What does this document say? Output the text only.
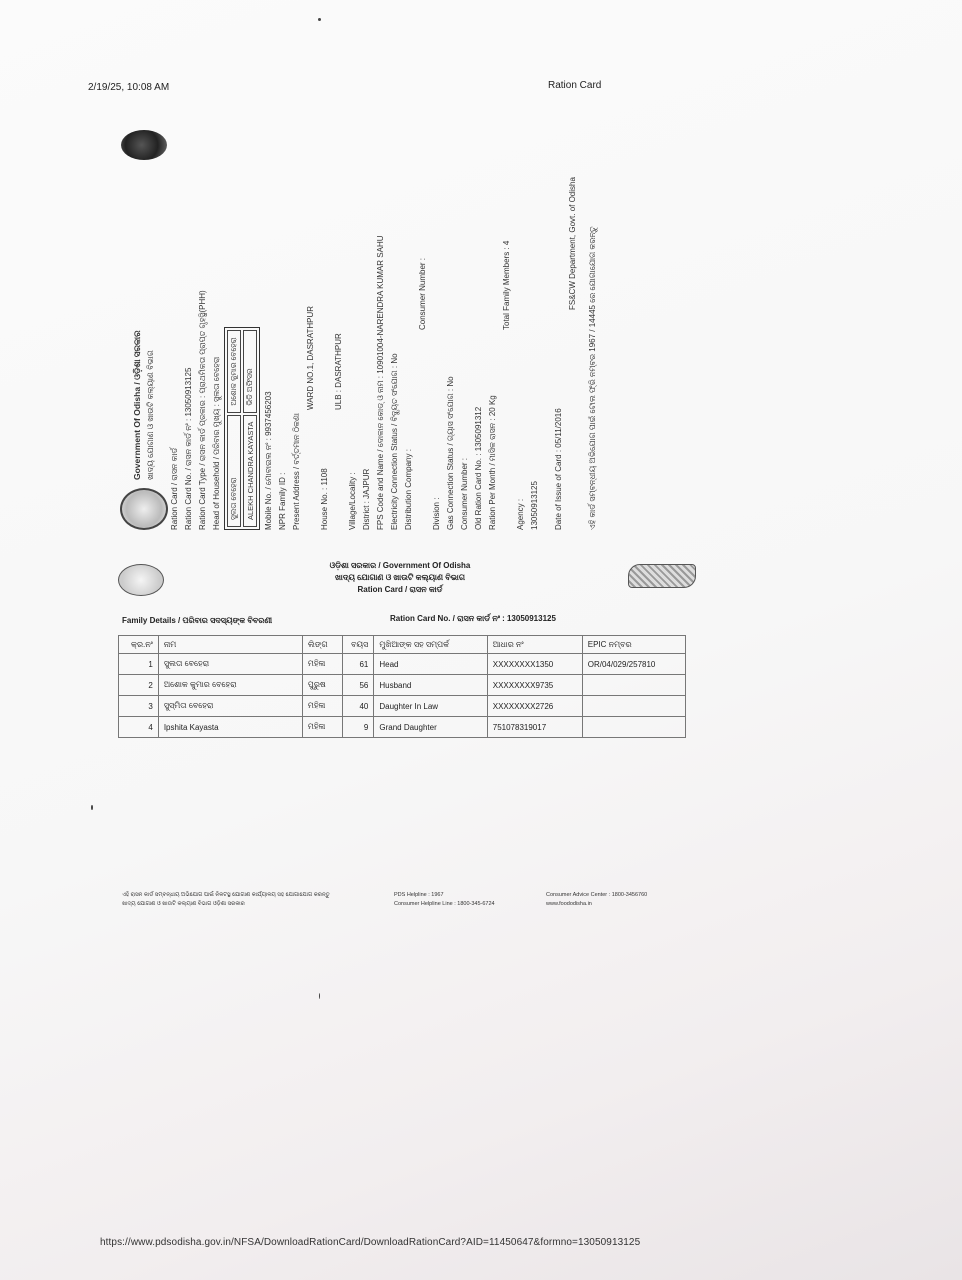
2/19/25, 10:08 AM	Ration Card
Government Of Odisha / ଓଡ଼ିଶା ସରକାର ଖାଦ୍ୟ ଯୋଗାଣ ଓ ଖାଉଟି କଲ୍ୟାଣ ବିଭାଗ
Ration Card / ରାସନ କାର୍ଡ Ration Card No. / ରାସନ କାର୍ଡ ନଂ : 13050913125 Ration Card Type / ରାସନ କାର୍ଡ ପ୍ରକାର : ପ୍ରାଥମିକତା ପ୍ରାପ୍ତ ଗୃହସ୍ଥି(PHH) Head of Household / ପରିବାର ମୁଖ୍ୟ : ସୁଲତା ବେହେରା	ସୁଲତା ବେହେରା	ଅଶୋକ କୁମାର ବେହେରା
ALEKH CHANDRA KAYASTA	ଭିଡି ଅଫିସର
Mobile No. / ମୋବାଇଲ ନଂ : 9937456203 NPR Family ID : Present Address / ବର୍ତ୍ତମାନ ଠିକଣା
WARD NO.1, DASRATHPUR
House No. : 1108
ULB : DASRATHPUR
Village/Locality : District : JAJPUR FPS Code and Name / ଦୋକାନ କୋଡ୍ ଓ ନାମ : 10901004-NARENDRA KUMAR SAHU Electricity Connection Status / ବିଦ୍ୟୁତ ସଂଯୋଗ : No Distribution Company :
Consumer Number :
Division : Gas Connection Status / ଗ୍ୟାସ ସଂଯୋଗ : No Consumer Number : Old Ration Card No. : 1305091312 Ration Per Month / ମାସିକ ରାସନ : 20 Kg
Total Family Members : 4
Agency : 13050913125	Date of Issue of Card : 05/11/2016
FS&CW Department, Govt. of Odisha	ଏହି କାର୍ଡ ସମ୍ବନ୍ଧୀୟ ଅଭିଯୋଗ ପାଇଁ ଟୋଲ ଫ୍ରି ନମ୍ବର 1967 / 14445 ରେ ଯୋଗାଯୋଗ କରନ୍ତୁ
ଓଡ଼ିଶା ସରକାର / Government Of Odisha
ଖାଦ୍ୟ ଯୋଗାଣ ଓ ଖାଉଟି କଲ୍ୟାଣ ବିଭାଗ
Ration Card / ରାସନ କାର୍ଡ
Family Details / ପରିବାର ସଦସ୍ୟଙ୍କ ବିବରଣୀ	Ration Card No. / ରାସନ କାର୍ଡ ନଂ : 13050913125
କ୍ର.ନଂ	ନାମ	ଲିଙ୍ଗ	ବୟସ	ମୁଖିଆଙ୍କ ସହ ସମ୍ପର୍କ	ଆଧାର ନଂ	EPIC ନମ୍ବର
1	ସୁଲତା ବେହେରା	ମହିଳା	61	Head	XXXXXXXX1350	OR/04/029/257810
2	ଅଶୋକ କୁମାର ବେହେରା	ପୁରୁଷ	56	Husband	XXXXXXXX9735	
3	ସୁସ୍ମିତା ବେହେରା	ମହିଳା	40	Daughter In Law	XXXXXXXX2726	
4	Ipshita Kayasta	ମହିଳା	9	Grand Daughter	751078319017	
ଏହି ରାସନ କାର୍ଡ ସମ୍ବନ୍ଧୀୟ ଅଭିଯୋଗ ପାଇଁ ନିକଟସ୍ଥ ଯୋଗାଣ କାର୍ଯ୍ୟାଳୟ ସହ ଯୋଗାଯୋଗ କରନ୍ତୁ
ଖାଦ୍ୟ ଯୋଗାଣ ଓ ଖାଉଟି କଲ୍ୟାଣ ବିଭାଗ ଓଡ଼ିଶା ସରକାର
PDS Helpline : 1967
Consumer Helpline Line : 1800-345-6724
Consumer Advice Center : 1800-3456760
www.foododisha.in
https://www.pdsodisha.gov.in/NFSA/DownloadRationCard/DownloadRationCard?AID=11450647&formno=13050913125
